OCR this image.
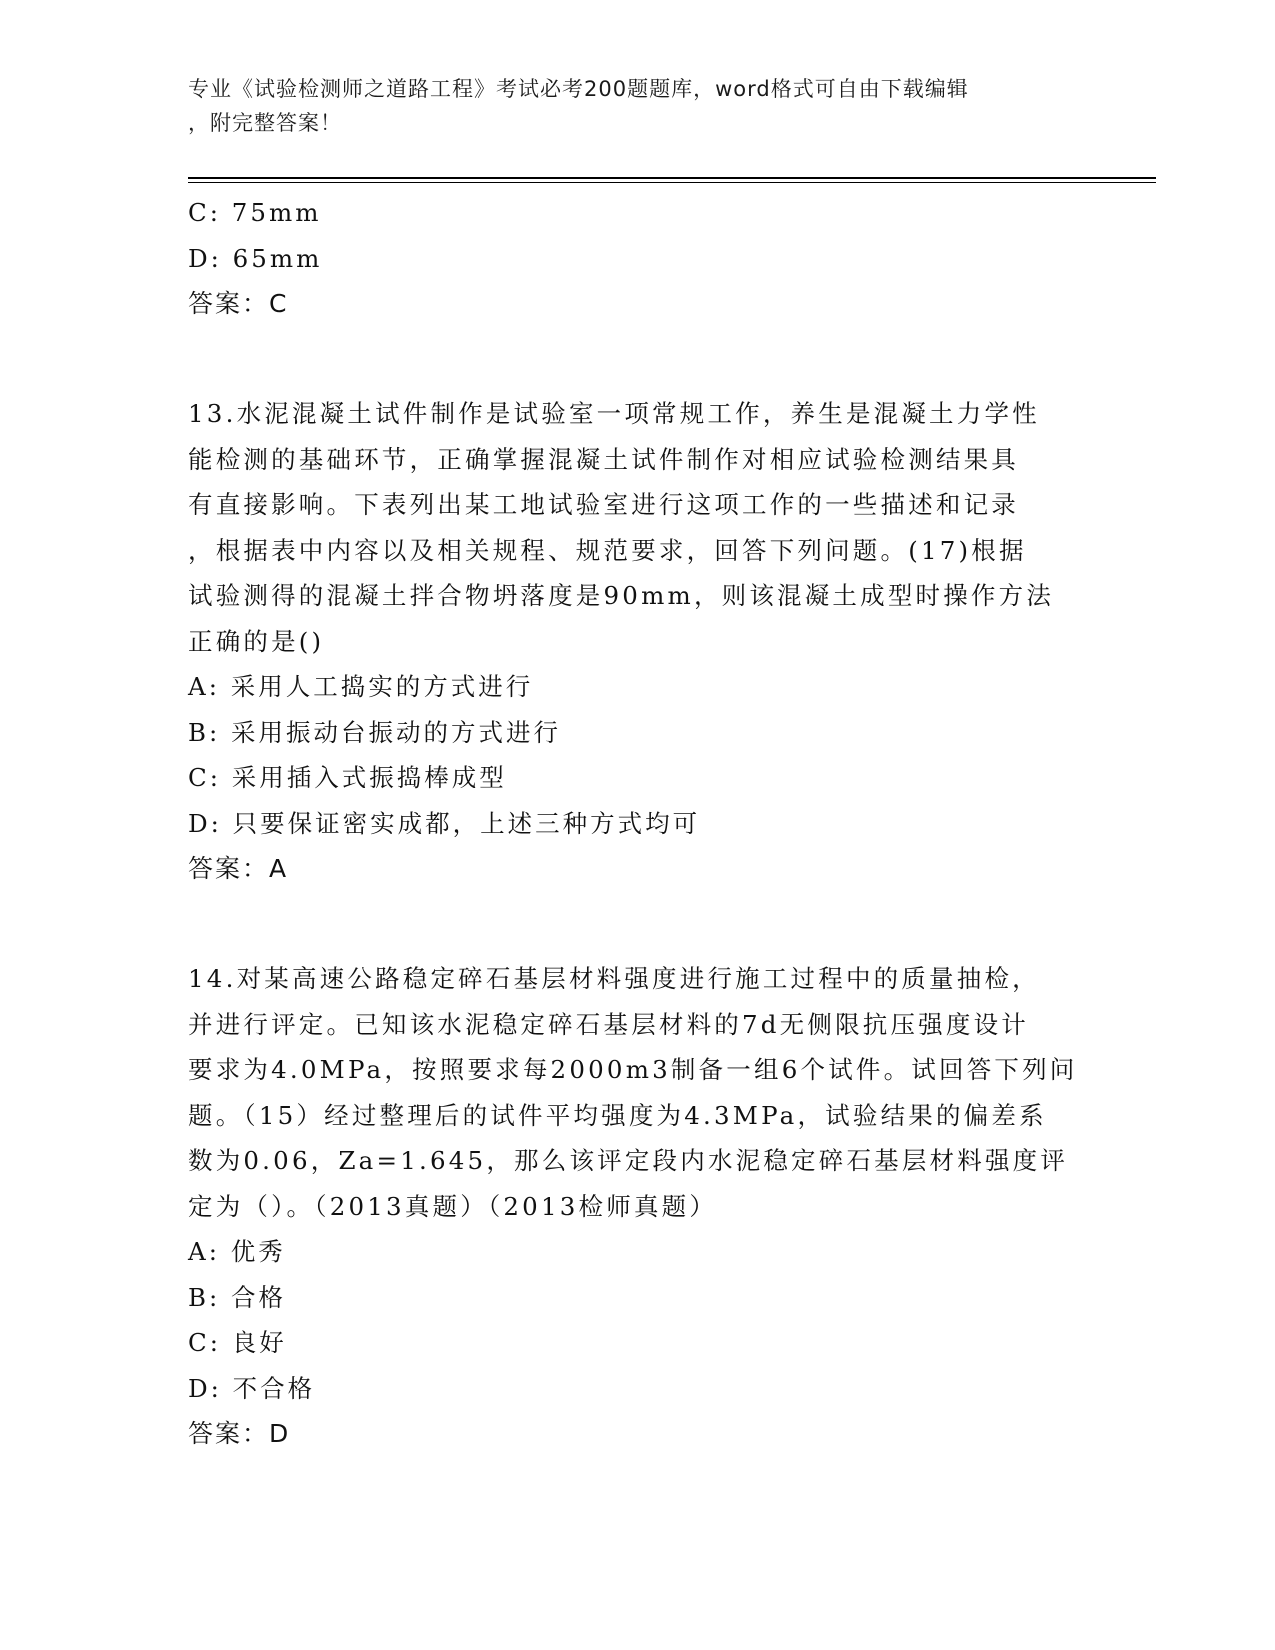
专业《试验检测师之道路工程》考试必考200题题库，word格式可自由下载编辑
，附完整答案！
C: 75mm
D: 65mm
答案：C
13.水泥混凝土试件制作是试验室一项常规工作，养生是混凝土力学性
能检测的基础环节，正确掌握混凝土试件制作对相应试验检测结果具
有直接影响。下表列出某工地试验室进行这项工作的一些描述和记录
，根据表中内容以及相关规程、规范要求，回答下列问题。(17)根据
试验测得的混凝土拌合物坍落度是90mm，则该混凝土成型时操作方法
正确的是()
A: 采用人工捣实的方式进行
B: 采用振动台振动的方式进行
C: 采用插入式振捣棒成型
D: 只要保证密实成都，上述三种方式均可
答案：A
14.对某高速公路稳定碎石基层材料强度进行施工过程中的质量抽检，
并进行评定。已知该水泥稳定碎石基层材料的7d无侧限抗压强度设计
要求为4.0MPa，按照要求每2000m3制备一组6个试件。试回答下列问
题。（15）经过整理后的试件平均强度为4.3MPa，试验结果的偏差系
数为0.06，Za=1.645，那么该评定段内水泥稳定碎石基层材料强度评
定为（）。（2013真题）（2013检师真题）
A: 优秀
B: 合格
C: 良好
D: 不合格
答案：D
